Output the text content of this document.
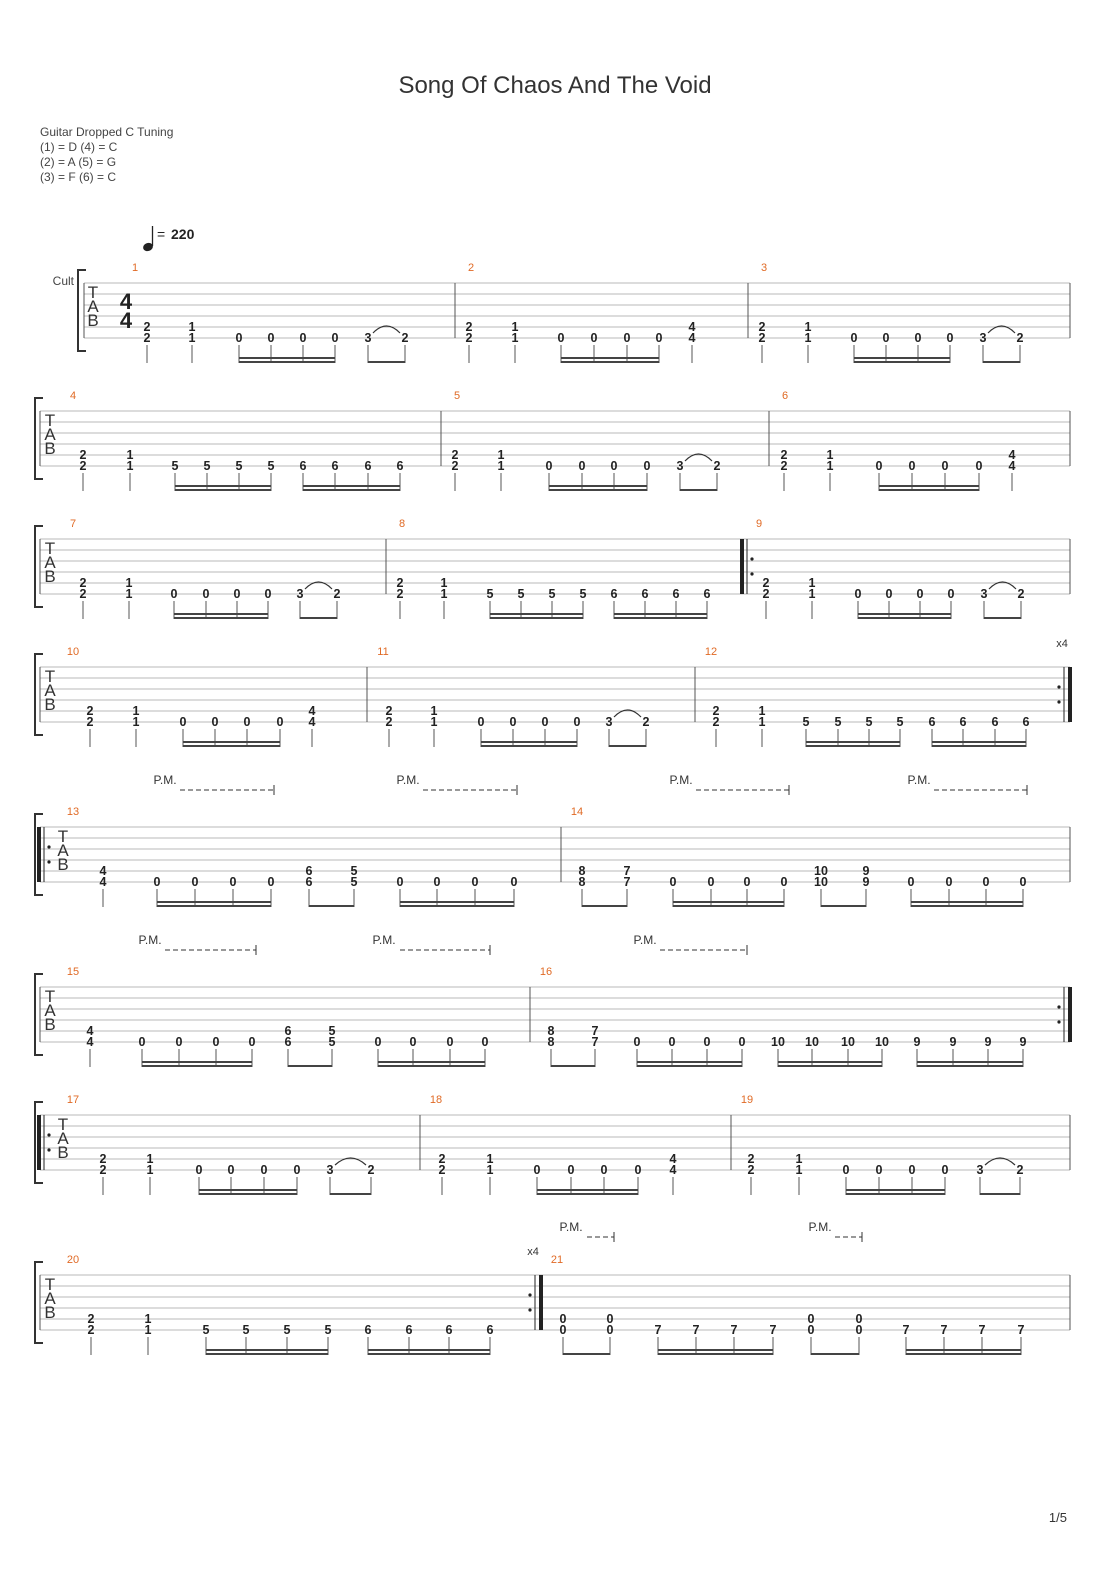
Song Of Chaos And The Void
Guitar Dropped C Tuning
(1) = D (4) = C
(2) = A (5) = G
(3) = F (6) = C
T
A
B
4
4
= 220
Cult
1
2
2
1
1	0 0 0 0 3 2
2
2
2
1
1	0 0 0 0
4
4
3
2
2
1
1	0 0 0 0 3 2
T
A
B
4
2
2
1
1	5 5 5 5 6 6 6 6
5
2
2
1
1	0 0 0 0 3 2
6
2
2
1
1	0 0 0 0
4
4
T
A
B
7
2
2
1
1	0 0 0 0 3 2
8
2
2
1
1	5 5 5 5 6 6 6 6
9
2
2
1
1	0 0 0 0 3 2
T
A
B
x4
10
2
2
1
1	0 0 0 0
4
4
11
2
2
1
1	0 0 0 0 3 2
12
2
2
1
1	5 5 5 5 6 6 6 6
T
A
B
P.M.	P.M.	P.M.	P.M.
13
4
4	0 0 0 0
6
6
5
5	0 0 0	0
14
8
8
7
7	0 0 0 0
10
10
9
9	0 0 0 0
T
A
B
P.M.	P.M.	P.M.
15
4
4	0 0 0 0
6
6
5
5	0 0 0 0
16
8
8
7
7	0 0 0 0 10 10 10 10 9 9 9 9
T
A
B
17
2
2
1
1	0 0 0 0 3	2
18
2
2
1
1	0 0 0 0
4
4
19
2
2
1
1	0 0 0 0 3	2
T
A
B
x4
P.M.	P.M.
20
2
2
1
1	5	5	5	5	6	6	6	6
21
0
0
0
0	7 7 7	7
0
0
0
0	7 7 7	7
1/5
